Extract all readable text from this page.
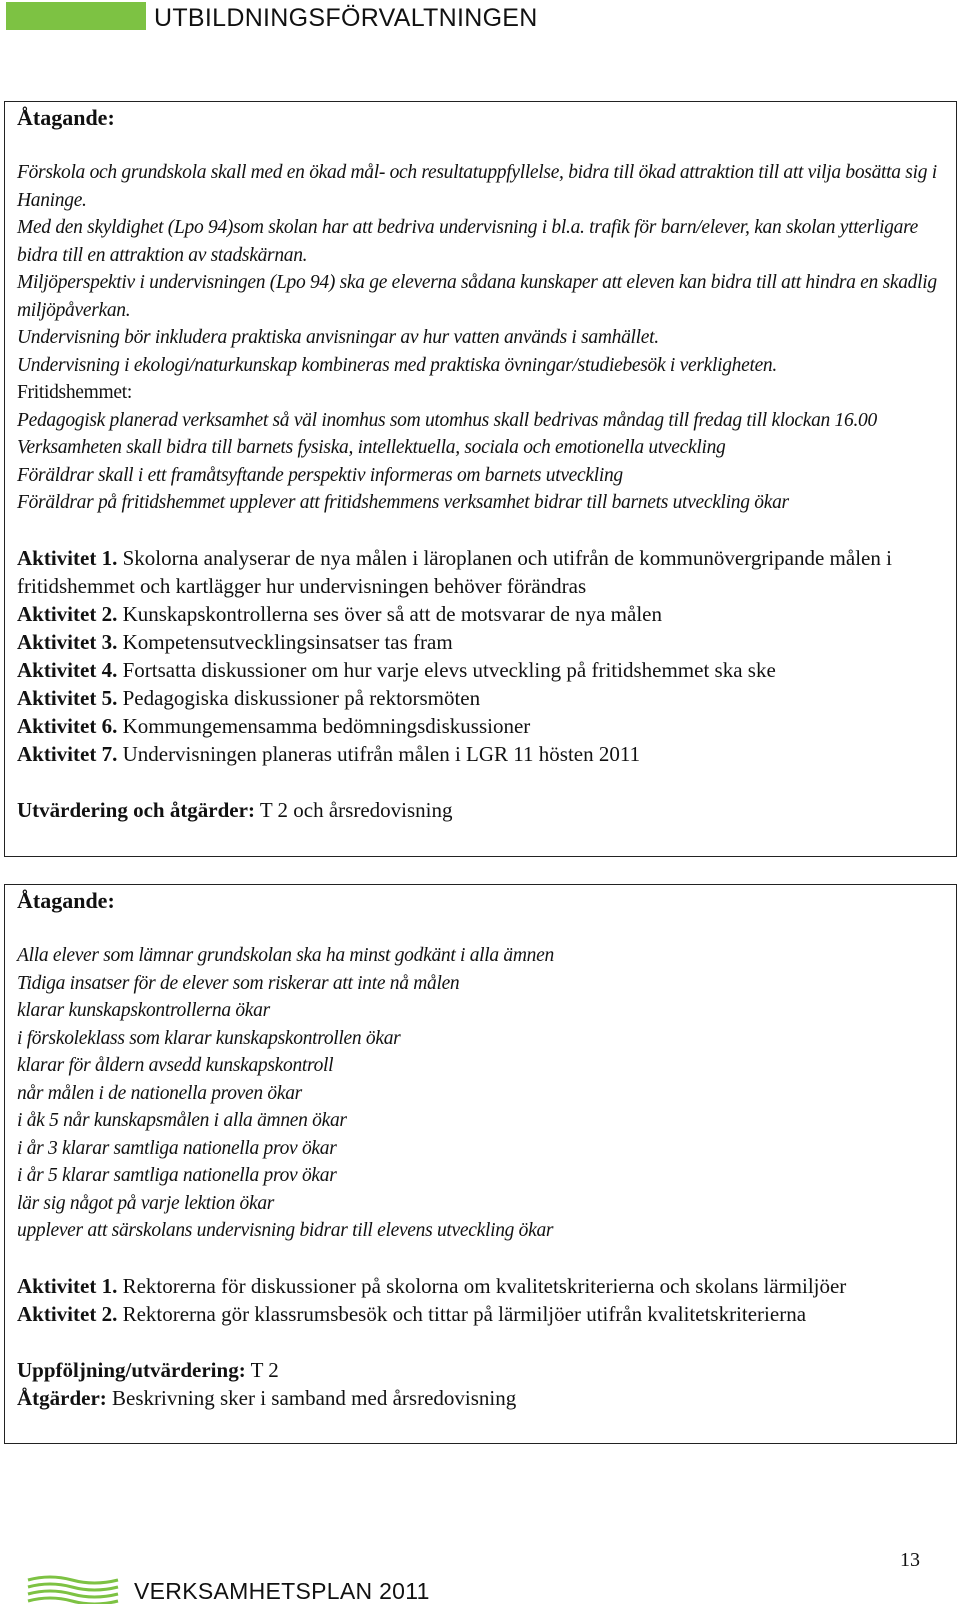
UTBILDNINGSFÖRVALTNINGEN
Åtagande:
Förskola och grundskola skall med en ökad mål- och resultatuppfyllelse, bidra till ökad attraktion till att vilja bosätta sig i Haninge.
Med den skyldighet (Lpo 94)som skolan har att bedriva undervisning i bl.a. trafik för barn/elever, kan skolan ytterligare bidra till en attraktion av stadskärnan.
Miljöperspektiv i undervisningen (Lpo 94) ska ge eleverna sådana kunskaper att eleven kan bidra till att hindra en skadlig miljöpåverkan.
Undervisning bör inkludera praktiska anvisningar av hur vatten används i samhället.
Undervisning i ekologi/naturkunskap kombineras med praktiska övningar/studiebesök i verkligheten.
Fritidshemmet:
Pedagogisk planerad verksamhet så väl inomhus som utomhus skall bedrivas måndag till fredag till klockan 16.00
Verksamheten skall bidra till barnets fysiska, intellektuella, sociala och emotionella utveckling
Föräldrar skall i ett framåtsyftande perspektiv informeras om barnets utveckling
Föräldrar på fritidshemmet upplever att fritidshemmens verksamhet bidrar till barnets utveckling ökar
Aktivitet 1. Skolorna analyserar de nya målen i läroplanen och utifrån de kommunövergripande målen i fritidshemmet och kartlägger hur undervisningen behöver förändras
Aktivitet 2. Kunskapskontrollerna ses över så att de motsvarar de nya målen
Aktivitet 3. Kompetensutvecklingsinsatser tas fram
Aktivitet 4. Fortsatta diskussioner om hur varje elevs utveckling på fritidshemmet ska ske
Aktivitet 5. Pedagogiska diskussioner på rektorsmöten
Aktivitet 6. Kommungemensamma bedömningsdiskussioner
Aktivitet 7. Undervisningen planeras utifrån målen i LGR 11 hösten 2011
Utvärdering och åtgärder: T 2 och årsredovisning
Åtagande:
Alla elever som lämnar grundskolan ska ha minst godkänt i alla ämnen
Tidiga insatser för de elever som riskerar att inte nå målen
klarar kunskapskontrollerna ökar
i förskoleklass som klarar kunskapskontrollen ökar
klarar för åldern avsedd kunskapskontroll
når målen i de nationella proven ökar
i åk 5 når kunskapsmålen i alla ämnen ökar
i år 3 klarar samtliga nationella prov ökar
i år 5 klarar samtliga nationella prov ökar
lär sig något på varje lektion ökar
upplever att särskolans undervisning bidrar till elevens utveckling ökar
Aktivitet 1. Rektorerna för diskussioner på skolorna om kvalitetskriterierna och skolans lärmiljöer
Aktivitet 2. Rektorerna gör klassrumsbesök och tittar på lärmiljöer utifrån kvalitetskriterierna
Uppföljning/utvärdering: T 2
Åtgärder: Beskrivning sker i samband med årsredovisning
13
VERKSAMHETSPLAN 2011
